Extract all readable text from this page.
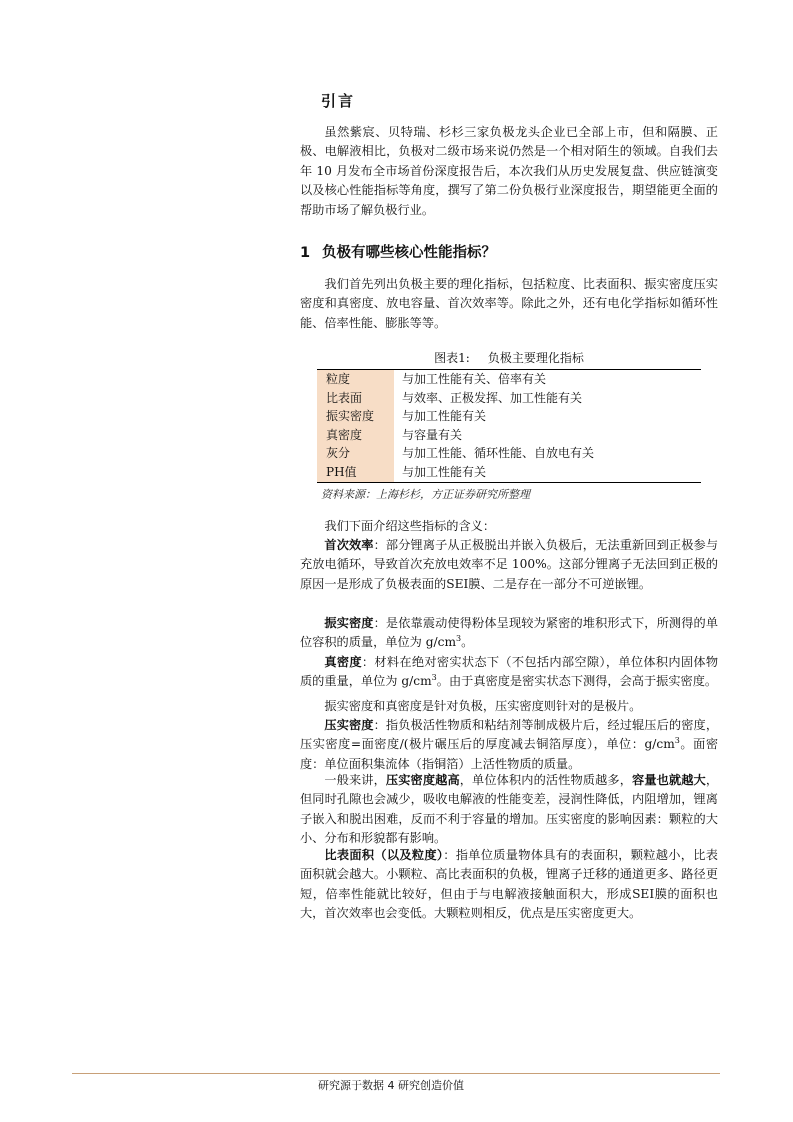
引言

虽然紫宸、贝特瑞、杉杉三家负极龙头企业已全部上市，但和隔膜、正极、电解液相比，负极对二级市场来说仍然是一个相对陌生的领域。自我们去年 10 月发布全市场首份深度报告后，本次我们从历史发展复盘、供应链演变以及核心性能指标等角度，撰写了第二份负极行业深度报告，期望能更全面的帮助市场了解负极行业。

1 负极有哪些核心性能指标？

我们首先列出负极主要的理化指标，包括粒度、比表面积、振实密度压实密度和真密度、放电容量、首次效率等。除此之外，还有电化学指标如循环性能、倍率性能、膨胀等等。

图表1: 负极主要理化指标
粒度	与加工性能有关、倍率有关
比表面	与效率、正极发挥、加工性能有关
振实密度	与加工性能有关
真密度	与容量有关
灰分	与加工性能、循环性能、自放电有关
PH值	与加工性能有关
资料来源：上海杉杉，方正证券研究所整理

我们下面介绍这些指标的含义：

首次效率：部分锂离子从正极脱出并嵌入负极后，无法重新回到正极参与充放电循环，导致首次充放电效率不足 100%。这部分锂离子无法回到正极的原因一是形成了负极表面的SEI膜、二是存在一部分不可逆嵌锂。

振实密度：是依靠震动使得粉体呈现较为紧密的堆积形式下，所测得的单位容积的质量，单位为 $g/cm^3$。

真密度：材料在绝对密实状态下（不包括内部空隙），单位体积内固体物质的重量，单位为 $g/cm^3$。由于真密度是密实状态下测得，会高于振实密度。

振实密度和真密度是针对负极，压实密度则针对的是极片。

压实密度：指负极活性物质和粘结剂等制成极片后，经过辊压后的密度，压实密度=面密度/(极片碾压后的厚度减去铜箔厚度），单位：$g/cm^3$。面密度：单位面积集流体（指铜箔）上活性物质的质量。

一般来讲，压实密度越高，单位体积内的活性物质越多，容量也就越大，但同时孔隙也会减少，吸收电解液的性能变差，浸润性降低，内阻增加，锂离子嵌入和脱出困难，反而不利于容量的增加。压实密度的影响因素：颗粒的大小、分布和形貌都有影响。

比表面积（以及粒度）：指单位质量物体具有的表面积，颗粒越小，比表面积就会越大。小颗粒、高比表面积的负极，锂离子迁移的通道更多、路径更短，倍率性能就比较好，但由于与电解液接触面积大，形成SEI膜的面积也大，首次效率也会变低。大颗粒则相反，优点是压实密度更大。

研究源于数据 4 研究创造价值
